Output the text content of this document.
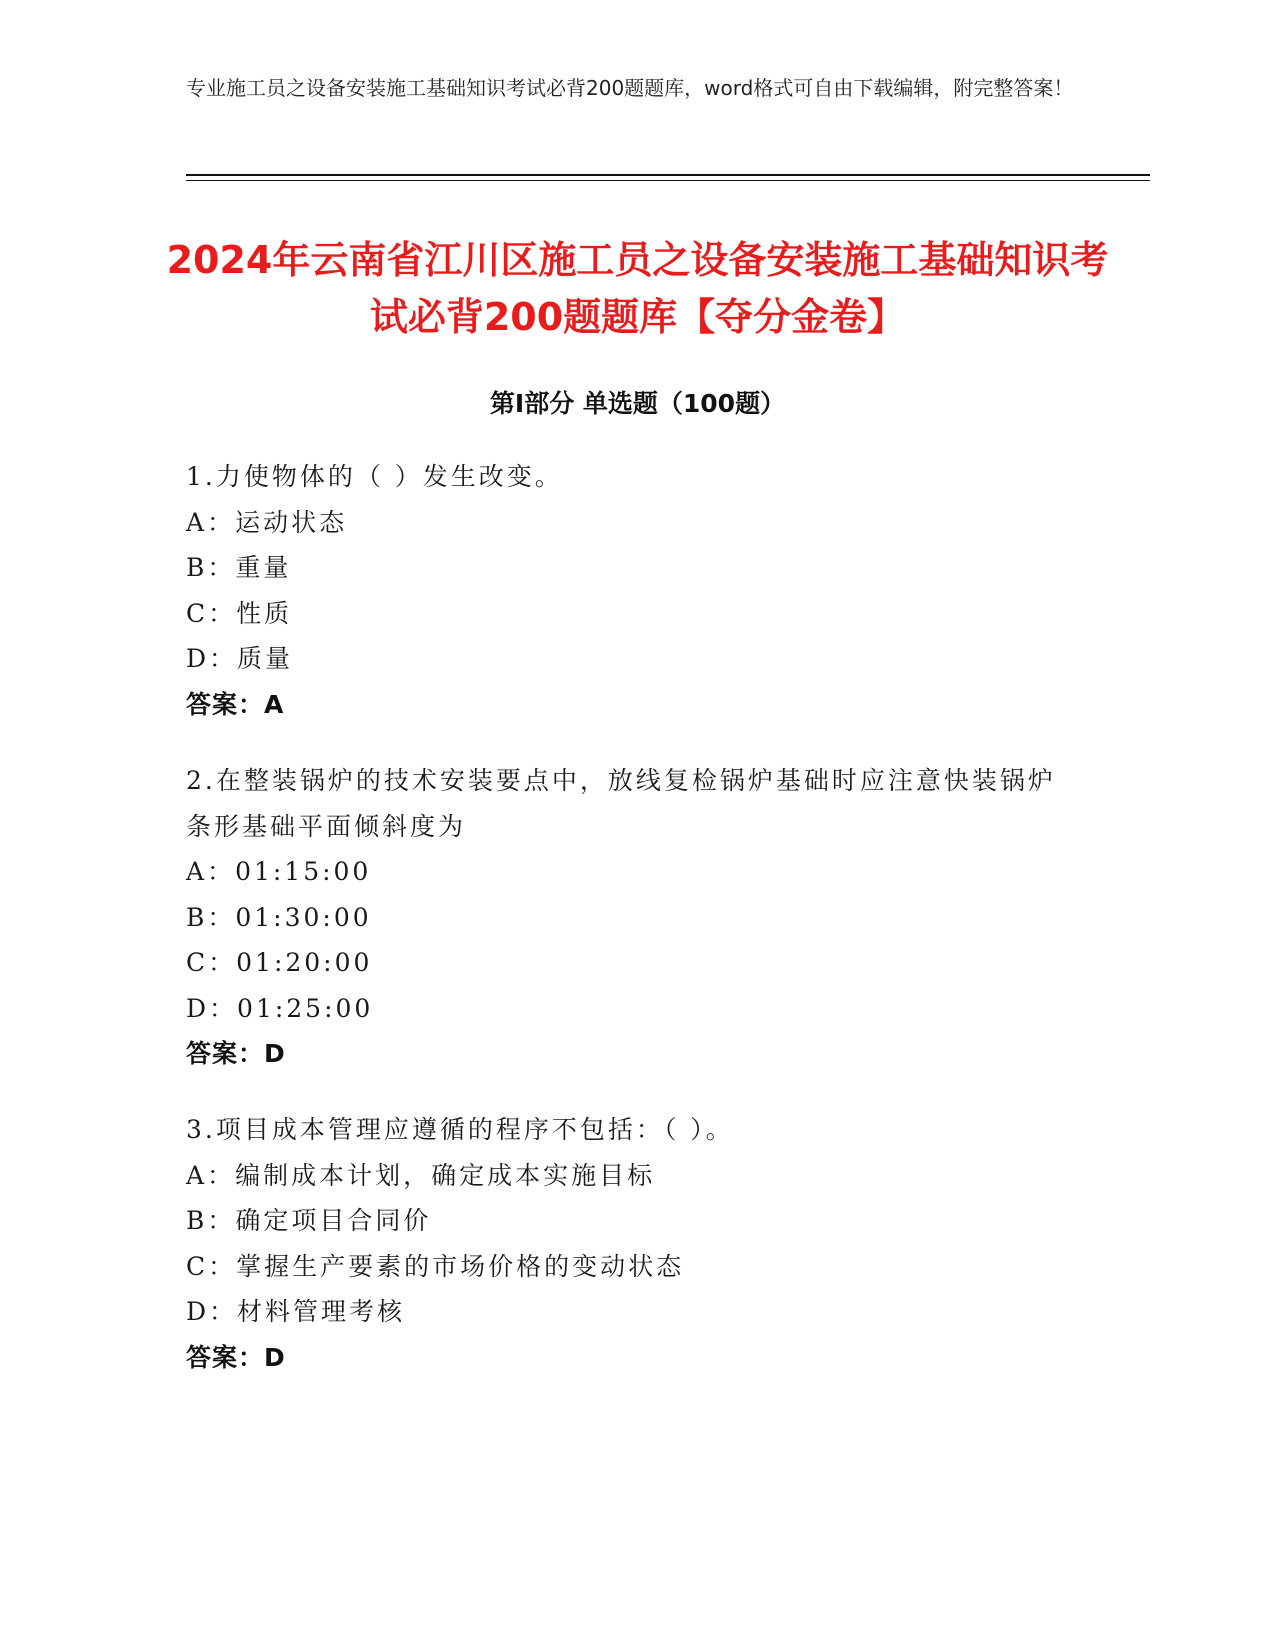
专业施工员之设备安装施工基础知识考试必背200题题库，word格式可自由下载编辑，附完整答案！
2024年云南省江川区施工员之设备安装施工基础知识考试必背200题题库【夺分金卷】
第Ⅰ部分 单选题（100题）
1.力使物体的（ ）发生改变。
A：运动状态
B：重量
C：性质
D：质量
答案：A
2.在整装锅炉的技术安装要点中，放线复检锅炉基础时应注意快装锅炉条形基础平面倾斜度为
A：01:15:00
B：01:30:00
C：01:20:00
D：01:25:00
答案：D
3.项目成本管理应遵循的程序不包括：（ ）。
A：编制成本计划，确定成本实施目标
B：确定项目合同价
C：掌握生产要素的市场价格的变动状态
D：材料管理考核
答案：D
